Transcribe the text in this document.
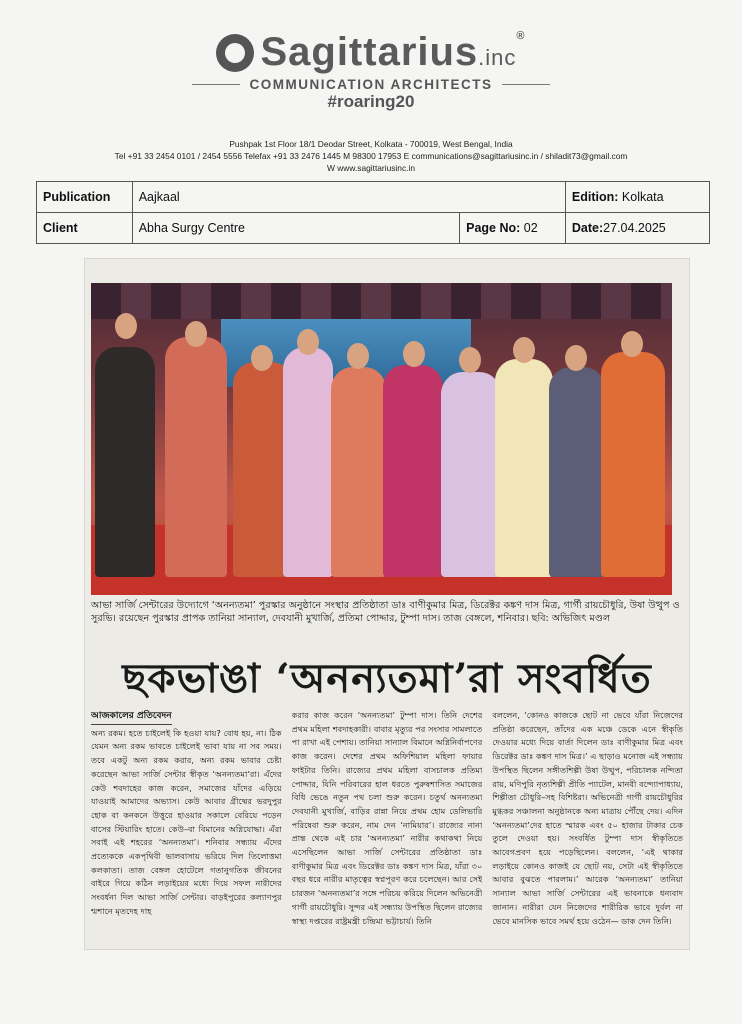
Sagittarius.inc®
COMMUNICATION ARCHITECTS
#roaring20
Pushpak 1st Floor 18/1 Deodar Street, Kolkata - 700019, West Bengal, India
Tel +91 33 2454 0101 / 2454 5556 Telefax +91 33 2476 1445 M 98300 17953 E communications@sagittariusinc.in / shiladit73@gmail.com
W www.sagittariusinc.in
Publication	Aajkaal		Edition: Kolkata
Client	Abha Surgy Centre	Page No: 02	Date:27.04.2025
আভা সার্জি সেন্টারের উদ্যোগে ‘অনন্যতমা’ পুরস্কার অনুষ্ঠানে সংস্থার প্রতিষ্ঠাতা ডাঃ বাণীকুমার মিত্র, ডিরেক্টর কঙ্কণ দাস মিত্র, গার্গী রায়চৌধুরি, উষা উত্থুপ ও সুরভি। রয়েছেন পুরস্কার প্রাপক তানিয়া সান্যাল, দেবযানী মুখার্জি, প্রতিমা পোদ্দার, টুম্পা দাস। তাজ বেঙ্গলে, শনিবার। ছবি: অভিজিৎ মণ্ডল
ছকভাঙা ‘অনন্যতমা’রা সংবর্ধিত
আজকালের প্রতিবেদন
অন্য রকম। হতে চাইলেই কি হওয়া যায়? বোধ হয়, না। ঠিক যেমন অন্য রকম ভাবতে চাইলেই ভাবা যায় না সব সময়। তবে একটু অন্য রকম করার, অন্য রকম ভাবার চেষ্টা করেছেন আভা সার্জি সেন্টার স্বীকৃত ‘অনন্যতমা’রা। এঁদের কেউ শবদাহের কাজ করেন, সমাজের যাঁদের এড়িয়ে যাওয়াই আমাদের অভ্যাস। কেউ আবার গ্রীষ্মের ভরদুপুর হোক বা কনকনে উত্তুরে হাওয়ার সকালে বেরিয়ে পড়েন বাসের স্টিয়ারিং হাতে। কেউ–বা বিমানের অগ্নিযোদ্ধা। এঁরা সবাই এই শহরের ‘অনন্যতমা’। শনিবার সন্ধ্যায় এঁদের প্রত্যেককে একপৃথিবী ভালবাসায় ভরিয়ে দিল তিলোত্তমা কলকাতা। তাজ বেঙ্গল হোটেলে গতানুগতিক জীবনের বাইরে গিয়ে কঠিন লড়াইয়ের মধ্যে দিয়ে সফল নারীদের সংবর্ধনা দিল আভা সার্জি সেন্টার। বাড়ইপুরের কল্যাণপুর শ্মশানে মৃতদেহ দাহ
করার কাজ করেন ‘অনন্যতমা’ টুম্পা দাস। তিনি দেশের প্রথম মহিলা শবদাহকারী। বাবার মৃত্যুর পর সংসার সামলাতে পা রাখা এই পেশায়। তানিয়া সান্যাল বিমানে অগ্নিনির্বাপণের কাজ করেন। দেশের প্রথম অফিশিয়াল মহিলা ফায়ার ফাইটার তিনি। রাজ্যের প্রথম মহিলা বাসচালক প্রতিমা পোদ্দার, যিনি পরিবারের হাল ধরতে পুরুষশাসিত সমাজের বিধি ভেঙে নতুন পথ চলা শুরু করেন। চতুর্থ অনন্যতমা দেবযানী মুখার্জি, বাড়ির রান্না নিয়ে প্রথম হোম ডেলিভারি পরিষেবা শুরু করেন, নাম দেন ‘নামিয়ার’। রাজ্যের নানা প্রান্ত থেকে এই চার ‘অনন্যতমা’ নারীর কথাকথা নিয়ে এসেছিলেন আভা সার্জি সেন্টারের প্রতিষ্ঠাতা ডাঃ বাণীকুমার মিত্র এবং ডিরেক্টর ডাঃ কঙ্কণ দাস মিত্র, যাঁরা ৩০ বছর ধরে নারীর মাতৃত্বের স্বপ্নপূরণ করে চলেছেন। আর সেই চারজন ‘অনন্যতমা’র সঙ্গে পরিচয় করিয়ে দিলেন অভিনেত্রী গার্গী রায়চৌধুরি। সুন্দর এই সন্ধ্যায় উপস্থিত ছিলেন রাজ্যের স্বাস্থ্য দপ্তরের রাষ্ট্রমন্ত্রী চন্দ্রিমা ভট্টাচার্য। তিনি
বললেন, ‘কোনও কাজকে ছোট না ভেবে যাঁরা নিজেদের প্রতিষ্ঠা করেছেন, তাঁদের এক মঞ্চে ডেকে এনে স্বীকৃতি দেওয়ার মধ্যে দিয়ে বার্তা দিলেন ডাঃ বাণীকুমার মিত্র এবং ডিরেক্টর ডাঃ কঙ্কণ দাস মিত্র।’ এ ছাড়াও মনোজ এই সন্ধ্যায় উপস্থিত ছিলেন সঙ্গীতশিল্পী উষা উত্থুপ, পরিচালক নন্দিতা রায়, মণিপুরি নৃত্যশিল্পী প্রীতি প্যাটেল, মানবী বন্দ্যোপাধ্যায়, শিল্পীতা চৌধুরি–সহ বিশিষ্টরা। অভিনেত্রী গার্গী রায়চৌধুরির মুগ্ধকর সঞ্চালনা অনুষ্ঠানকে অন্য মাত্রায় পৌঁছে দেয়। এদিন ‘অনন্যতমা’দের হাতে স্মারক এবং ৫০ হাজার টাকার চেক তুলে দেওয়া হয়। সংবর্ধিত টুম্পা দাস স্বীকৃতিতে আবেগপ্রবণ হয়ে পড়েছিলেন। বললেন, ‘এই থাকার লড়াইয়ে কোনও কাজই যে ছোট নয়, সেটা এই স্বীকৃতিতে আবার বুঝতে পারলাম।’ আরেক ‘অনন্যতমা’ তানিয়া সান্যাল আভা সার্জি সেন্টারের এই ভাবনাকে ধন্যবাদ জানান। নারীরা যেন নিজেদের শারীরিক ভাবে দুর্বল না ভেবে মানসিক ভাবে সমর্থ হয়ে ওঠেন— ডাক দেন তিনি।
